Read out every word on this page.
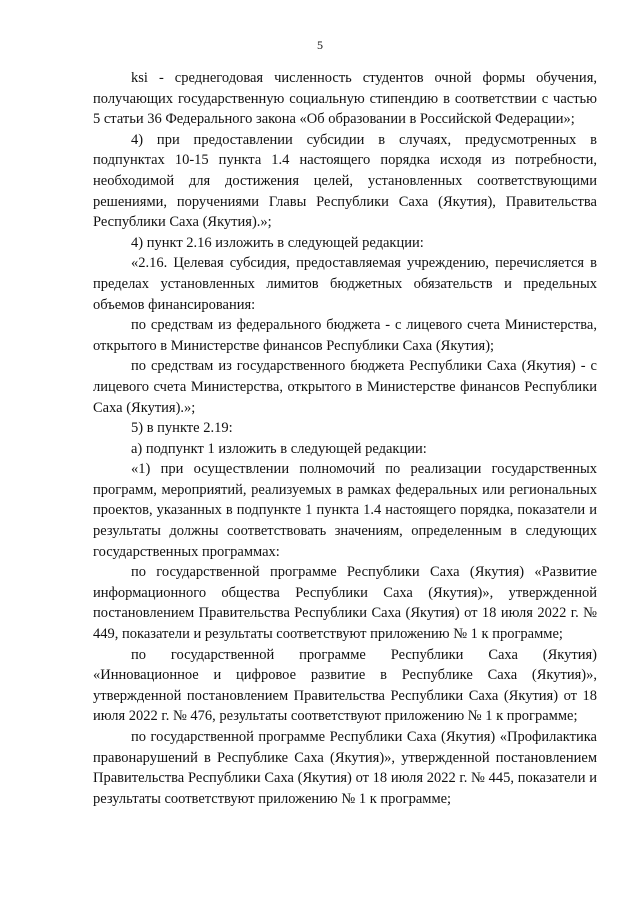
5

ksi - среднегодовая численность студентов очной формы обучения, получающих государственную социальную стипендию в соответствии с частью 5 статьи 36 Федерального закона «Об образовании в Российской Федерации»;

4) при предоставлении субсидии в случаях, предусмотренных в подпунктах 10-15 пункта 1.4 настоящего порядка исходя из потребности, необходимой для достижения целей, установленных соответствующими решениями, поручениями Главы Республики Саха (Якутия), Правительства Республики Саха (Якутия).»;

4) пункт 2.16 изложить в следующей редакции:

«2.16. Целевая субсидия, предоставляемая учреждению, перечисляется в пределах установленных лимитов бюджетных обязательств и предельных объемов финансирования:

по средствам из федерального бюджета - с лицевого счета Министерства, открытого в Министерстве финансов Республики Саха (Якутия);

по средствам из государственного бюджета Республики Саха (Якутия) - с лицевого счета Министерства, открытого в Министерстве финансов Республики Саха (Якутия).»;

5) в пункте 2.19:

а) подпункт 1 изложить в следующей редакции:

«1) при осуществлении полномочий по реализации государственных программ, мероприятий, реализуемых в рамках федеральных или региональных проектов, указанных в подпункте 1 пункта 1.4 настоящего порядка, показатели и результаты должны соответствовать значениям, определенным в следующих государственных программах:

по государственной программе Республики Саха (Якутия) «Развитие информационного общества Республики Саха (Якутия)», утвержденной постановлением Правительства Республики Саха (Якутия) от 18 июля 2022 г. № 449, показатели и результаты соответствуют приложению № 1 к программе;

по государственной программе Республики Саха (Якутия) «Инновационное и цифровое развитие в Республике Саха (Якутия)», утвержденной постановлением Правительства Республики Саха (Якутия) от 18 июля 2022 г. № 476, результаты соответствуют приложению № 1 к программе;

по государственной программе Республики Саха (Якутия) «Профилактика правонарушений в Республике Саха (Якутия)», утвержденной постановлением Правительства Республики Саха (Якутия) от 18 июля 2022 г. № 445, показатели и результаты соответствуют приложению № 1 к программе;
